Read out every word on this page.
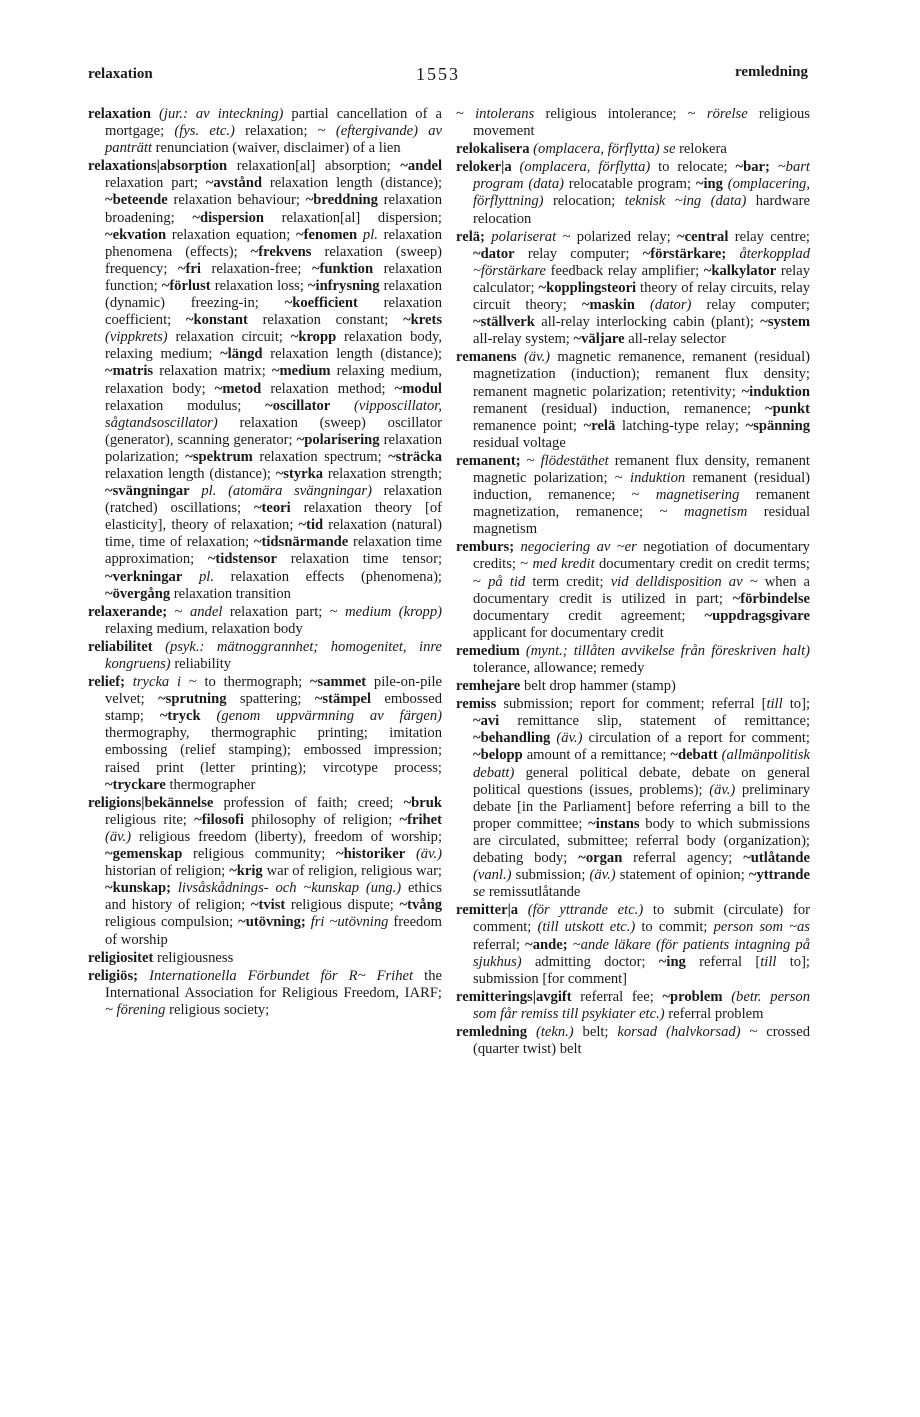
relaxation	1553	remledning

relaxation (jur.: av inteckning) partial cancellation of a mortgage; (fys. etc.) relaxation; ~ (eftergivande) av panträtt renunciation (waiver, disclaimer) of a lien

relaxations|absorption relaxation[al] absorption; ~andel relaxation part; ~avstånd relaxation length (distance); ~beteende relaxation behaviour; ~breddning relaxation broadening; ~dispersion relaxation[al] dispersion; ~ekvation relaxation equation; ~fenomen pl. relaxation phenomena (effects); ~frekvens relaxation (sweep) frequency; ~fri relaxation-free; ~funktion relaxation function; ~förlust relaxation loss; ~infrysning relaxation (dynamic) freezing-in; ~koefficient relaxation coefficient; ~konstant relaxation constant; ~krets (vippkrets) relaxation circuit; ~kropp relaxation body, relaxing medium; ~längd relaxation length (distance); ~matris relaxation matrix; ~medium relaxing medium, relaxation body; ~metod relaxation method; ~modul relaxation modulus; ~oscillator (vipposcillator, sågtandsoscillator) relaxation (sweep) oscillator (generator), scanning generator; ~polarisering relaxation polarization; ~spektrum relaxation spectrum; ~sträcka relaxation length (distance); ~styrka relaxation strength; ~svängningar pl. (atomära svängningar) relaxation (ratched) oscillations; ~teori relaxation theory [of elasticity], theory of relaxation; ~tid relaxation (natural) time, time of relaxation; ~tidsnärmande relaxation time approximation; ~tidstensor relaxation time tensor; ~verkningar pl. relaxation effects (phenomena); ~övergång relaxation transition

relaxerande; ~ andel relaxation part; ~ medium (kropp) relaxing medium, relaxation body

reliabilitet (psyk.: mätnoggrannhet; homogenitet, inre kongruens) reliability

relief; trycka i ~ to thermograph; ~sammet pile-on-pile velvet; ~sprutning spattering; ~stämpel embossed stamp; ~tryck (genom uppvärmning av färgen) thermography, thermographic printing; imitation embossing (relief stamping); embossed impression; raised print (letter printing); vircotype process; ~tryckare thermographer

religions|bekännelse profession of faith; creed; ~bruk religious rite; ~filosofi philosophy of religion; ~frihet (äv.) religious freedom (liberty), freedom of worship; ~gemenskap religious community; ~historiker (äv.) historian of religion; ~krig war of religion, religious war; ~kunskap; livsåskådnings- och ~kunskap (ung.) ethics and history of religion; ~tvist religious dispute; ~tvång religious compulsion; ~utövning; fri ~utövning freedom of worship

religiositet religiousness

religiös; Internationella Förbundet för R~ Frihet the International Association for Religious Freedom, IARF; ~ förening religious society;

~ intolerans religious intolerance; ~ rörelse religious movement

relokalisera (omplacera, förflytta) se relokera

reloker|a (omplacera, förflytta) to relocate; ~bar; ~bart program (data) relocatable program; ~ing (omplacering, förflyttning) relocation; teknisk ~ing (data) hardware relocation

relä; polariserat ~ polarized relay; ~central relay centre; ~dator relay computer; ~förstärkare; återkopplad ~förstärkare feedback relay amplifier; ~kalkylator relay calculator; ~kopplingsteori theory of relay circuits, relay circuit theory; ~maskin (dator) relay computer; ~ställverk all-relay interlocking cabin (plant); ~system all-relay system; ~väljare all-relay selector

remanens (äv.) magnetic remanence, remanent (residual) magnetization (induction); remanent flux density; remanent magnetic polarization; retentivity; ~induktion remanent (residual) induction, remanence; ~punkt remanence point; ~relä latching-type relay; ~spänning residual voltage

remanent; ~ flödestäthet remanent flux density, remanent magnetic polarization; ~ induktion remanent (residual) induction, remanence; ~ magnetisering remanent magnetization, remanence; ~ magnetism residual magnetism

remburs; negociering av ~er negotiation of documentary credits; ~ med kredit documentary credit on credit terms; ~ på tid term credit; vid delldisposition av ~ when a documentary credit is utilized in part; ~förbindelse documentary credit agreement; ~uppdragsgivare applicant for documentary credit

remedium (mynt.; tillåten avvikelse från föreskriven halt) tolerance, allowance; remedy

remhejare belt drop hammer (stamp)

remiss submission; report for comment; referral [till to]; ~avi remittance slip, statement of remittance; ~behandling (äv.) circulation of a report for comment; ~belopp amount of a remittance; ~debatt (allmänpolitisk debatt) general political debate, debate on general political questions (issues, problems); (äv.) preliminary debate [in the Parliament] before referring a bill to the proper committee; ~instans body to which submissions are circulated, submittee; referral body (organization); debating body; ~organ referral agency; ~utlåtande (vanl.) submission; (äv.) statement of opinion; ~yttrande se remissutlåtande

remitter|a (för yttrande etc.) to submit (circulate) for comment; (till utskott etc.) to commit; person som ~as referral; ~ande; ~ande läkare (för patients intagning på sjukhus) admitting doctor; ~ing referral [till to]; submission [for comment]

remitterings|avgift referral fee; ~problem (betr. person som får remiss till psykiater etc.) referral problem

remledning (tekn.) belt; korsad (halvkorsad) ~ crossed (quarter twist) belt
